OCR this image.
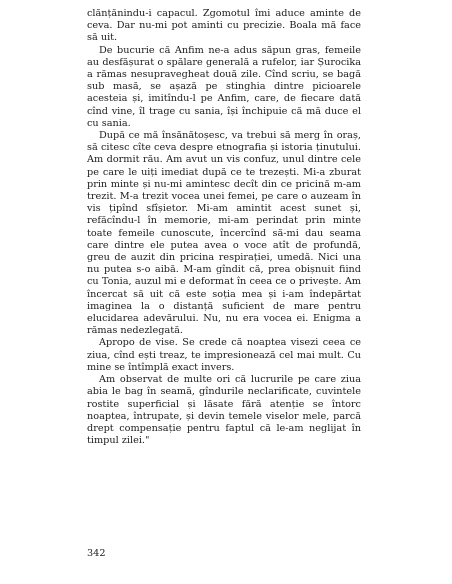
clănțănindu-i capacul. Zgomotul îmi aduce aminte de ceva. Dar nu-mi pot aminti cu precizie. Boala mă face să uit.

De bucurie că Anfim ne-a adus săpun gras, femeile au desfășurat o spălare generală a rufelor, iar Șurocika a rămas nesupravegheat două zile. Cînd scriu, se bagă sub masă, se așază pe stinghia dintre picioarele acesteia și, imitîndu-l pe Anfim, care, de fiecare dată cînd vine, îl trage cu sania, își închipuie că mă duce el cu sania.

După ce mă însănătoșesc, va trebui să merg în oraș, să citesc cîte ceva despre etnografia și istoria ținutului. Am dormit rău. Am avut un vis confuz, unul dintre cele pe care le uiți imediat după ce te trezești. Mi-a zburat prin minte și nu-mi amintesc decît din ce pricină m-am trezit. M-a trezit vocea unei femei, pe care o auzeam în vis țipînd sfîșietor. Mi-am amintit acest sunet și, refăcîndu-l în memorie, mi-am perindat prin minte toate femeile cunoscute, încercînd să-mi dau seama care dintre ele putea avea o voce atît de profundă, greu de auzit din pricina respirației, umedă. Nici una nu putea s-o aibă. M-am gîndit că, prea obișnuit fiind cu Tonia, auzul mi e deformat în ceea ce o privește. Am încercat să uit că este soția mea și i-am îndepărtat imaginea la o distanță suficient de mare pentru elucidarea adevărului. Nu, nu era vocea ei. Enigma a rămas nedezlegată.

Apropo de vise. Se crede că noaptea visezi ceea ce ziua, cînd ești treaz, te impresionează cel mai mult. Cu mine se întîmplă exact invers.

Am observat de multe ori că lucrurile pe care ziua abia le bag în seamă, gîndurile neclarificate, cuvintele rostite superficial și lăsate fără atenție se întorc noaptea, întrupate, și devin temele viselor mele, parcă drept compensație pentru faptul că le-am neglijat în timpul zilei."

342
